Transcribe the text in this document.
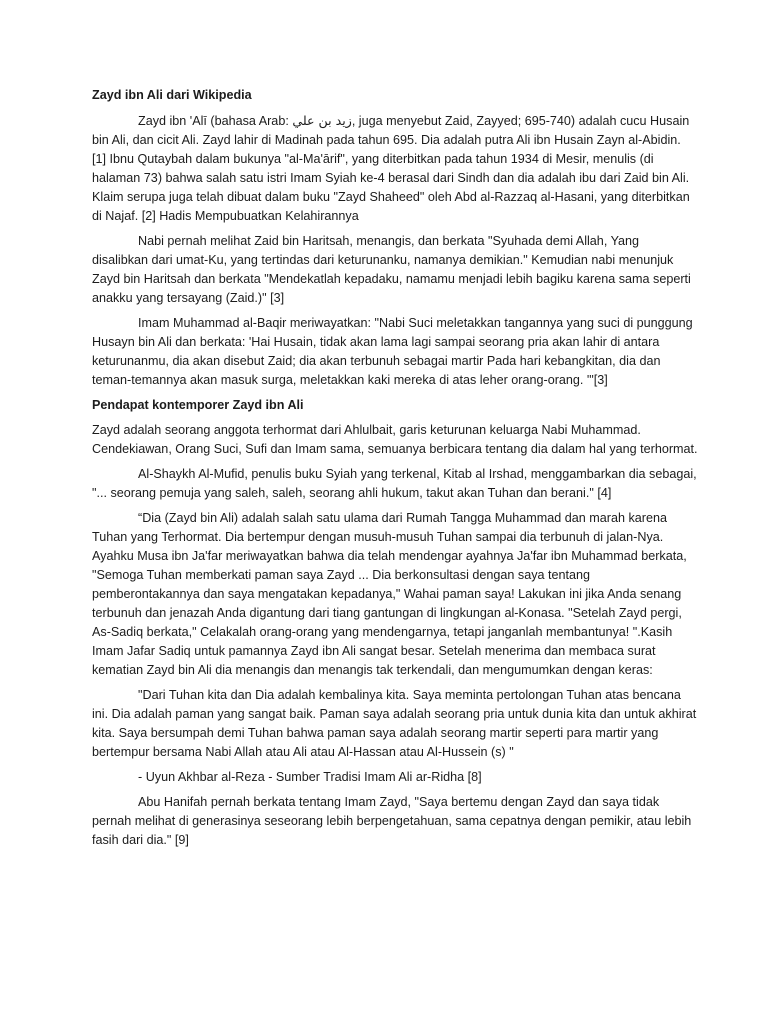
Zayd ibn Ali dari Wikipedia
Zayd ibn 'Alī (bahasa Arab: زيد بن علي, juga menyebut Zaid, Zayyed; 695-740) adalah cucu Husain bin Ali, dan cicit Ali. Zayd lahir di Madinah pada tahun 695. Dia adalah putra Ali ibn Husain Zayn al-Abidin. [1] Ibnu Qutaybah dalam bukunya "al-Ma'ārif", yang diterbitkan pada tahun 1934 di Mesir, menulis (di halaman 73) bahwa salah satu istri Imam Syiah ke-4 berasal dari Sindh dan dia adalah ibu dari Zaid bin Ali. Klaim serupa juga telah dibuat dalam buku "Zayd Shaheed" oleh Abd al-Razzaq al-Hasani, yang diterbitkan di Najaf. [2] Hadis Mempubuatkan Kelahirannya
Nabi pernah melihat Zaid bin Haritsah, menangis, dan berkata "Syuhada demi Allah, Yang disalibkan dari umat-Ku, yang tertindas dari keturunanku, namanya demikian." Kemudian nabi menunjuk Zayd bin Haritsah dan berkata "Mendekatlah kepadaku, namamu menjadi lebih bagiku karena sama seperti anakku yang tersayang (Zaid.)" [3]
Imam Muhammad al-Baqir meriwayatkan: "Nabi Suci meletakkan tangannya yang suci di punggung Husayn bin Ali dan berkata: 'Hai Husain, tidak akan lama lagi sampai seorang pria akan lahir di antara keturunanmu, dia akan disebut Zaid; dia akan terbunuh sebagai martir Pada hari kebangkitan, dia dan teman-temannya akan masuk surga, meletakkan kaki mereka di atas leher orang-orang. '"[3]
Pendapat kontemporer Zayd ibn Ali
Zayd adalah seorang anggota terhormat dari Ahlulbait, garis keturunan keluarga Nabi Muhammad. Cendekiawan, Orang Suci, Sufi dan Imam sama, semuanya berbicara tentang dia dalam hal yang terhormat.
Al-Shaykh Al-Mufid, penulis buku Syiah yang terkenal, Kitab al Irshad, menggambarkan dia sebagai, "... seorang pemuja yang saleh, saleh, seorang ahli hukum, takut akan Tuhan dan berani." [4]
“Dia (Zayd bin Ali) adalah salah satu ulama dari Rumah Tangga Muhammad dan marah karena Tuhan yang Terhormat. Dia bertempur dengan musuh-musuh Tuhan sampai dia terbunuh di jalan-Nya. Ayahku Musa ibn Ja'far meriwayatkan bahwa dia telah mendengar ayahnya Ja'far ibn Muhammad berkata, "Semoga Tuhan memberkati paman saya Zayd ... Dia berkonsultasi dengan saya tentang pemberontakannya dan saya mengatakan kepadanya," Wahai paman saya! Lakukan ini jika Anda senang terbunuh dan jenazah Anda digantung dari tiang gantungan di lingkungan al-Konasa. "Setelah Zayd pergi, As-Sadiq berkata," Celakalah orang-orang yang mendengarnya, tetapi janganlah membantunya! ".Kasih Imam Jafar Sadiq untuk pamannya Zayd ibn Ali sangat besar. Setelah menerima dan membaca surat kematian Zayd bin Ali dia menangis dan menangis tak terkendali, dan mengumumkan dengan keras:
"Dari Tuhan kita dan Dia adalah kembalinya kita. Saya meminta pertolongan Tuhan atas bencana ini. Dia adalah paman yang sangat baik. Paman saya adalah seorang pria untuk dunia kita dan untuk akhirat kita. Saya bersumpah demi Tuhan bahwa paman saya adalah seorang martir seperti para martir yang bertempur bersama Nabi Allah atau Ali atau Al-Hassan atau Al-Hussein (s) "
- Uyun Akhbar al-Reza - Sumber Tradisi Imam Ali ar-Ridha [8]
Abu Hanifah pernah berkata tentang Imam Zayd, "Saya bertemu dengan Zayd dan saya tidak pernah melihat di generasinya seseorang lebih berpengetahuan, sama cepatnya dengan pemikir, atau lebih fasih dari dia." [9]
